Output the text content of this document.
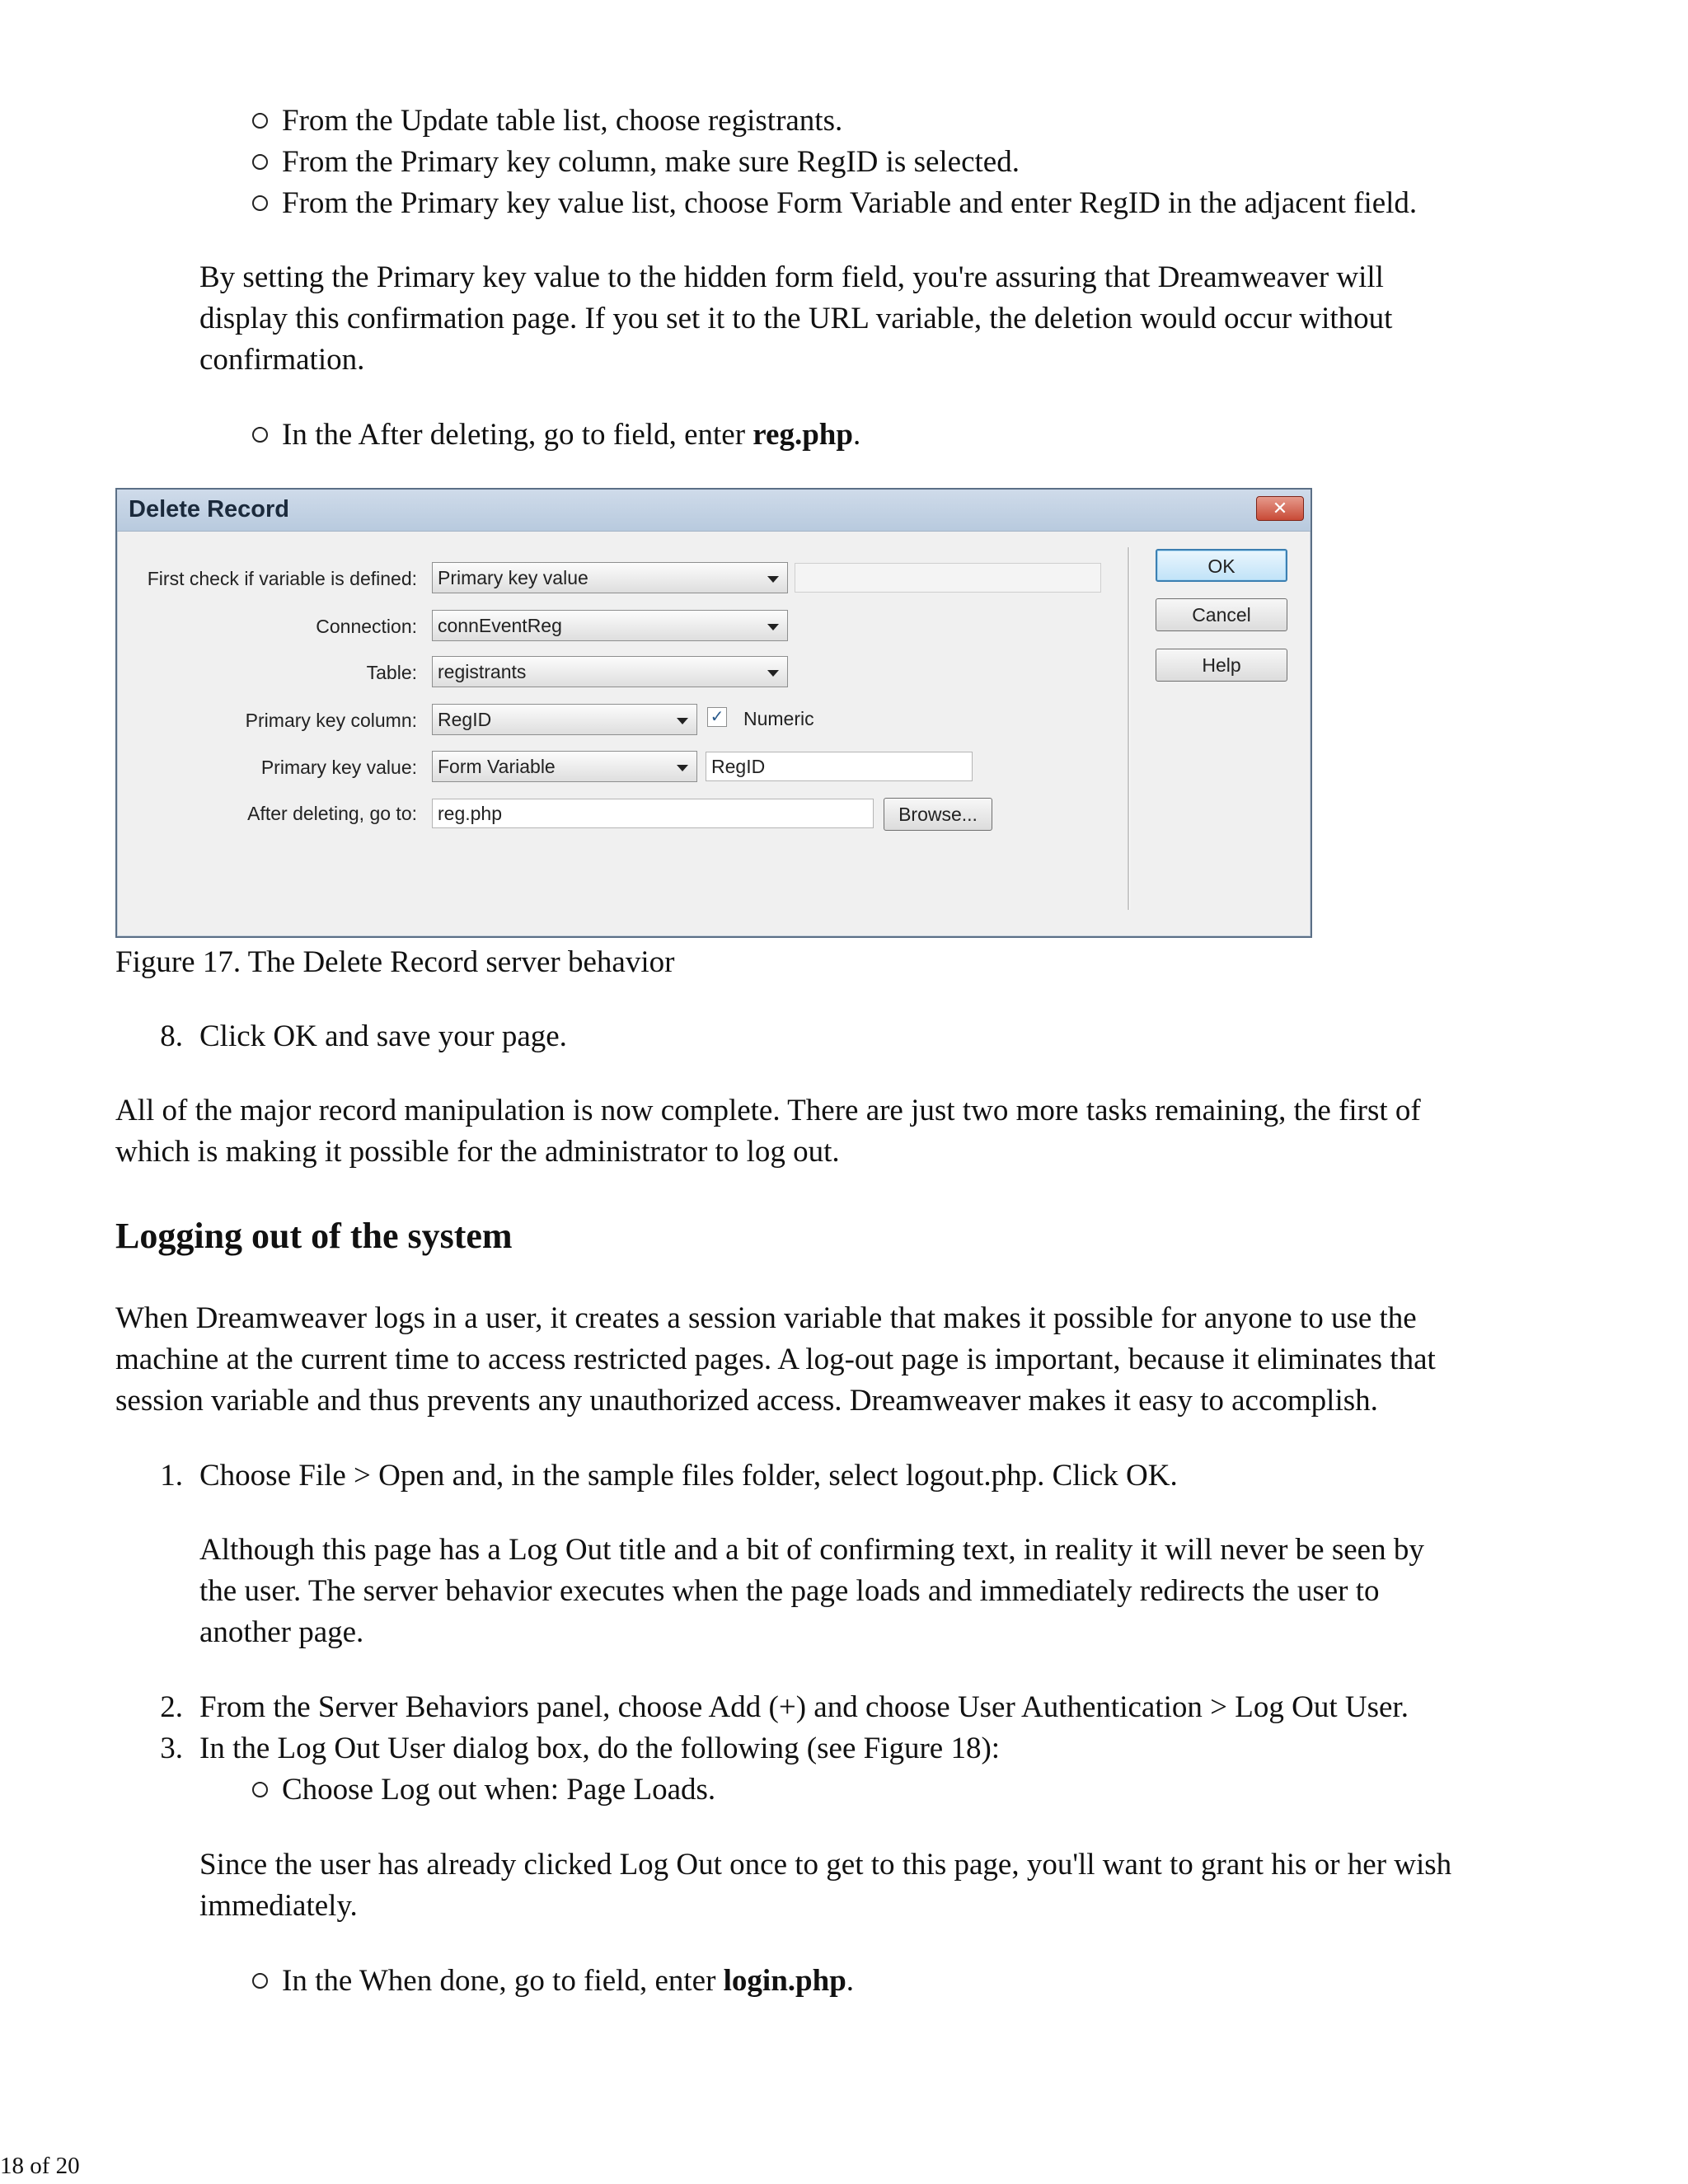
From the Update table list, choose registrants.
From the Primary key column, make sure RegID is selected.
From the Primary key value list, choose Form Variable and enter RegID in the adjacent field.
By setting the Primary key value to the hidden form field, you're assuring that Dreamweaver will
display this confirmation page. If you set it to the URL variable, the deletion would occur without
confirmation.
In the After deleting, go to field, enter reg.php.
Delete Record	✕
First check if variable is defined:	Primary key value
Connection:	connEventReg
Table:	registrants
Primary key column:	RegID	✓ Numeric
Primary key value:	Form Variable	RegID
After deleting, go to:	reg.php	Browse...
OK
Cancel
Help
Figure 17. The Delete Record server behavior
8. Click OK and save your page.
All of the major record manipulation is now complete. There are just two more tasks remaining, the first of
which is making it possible for the administrator to log out.
Logging out of the system
When Dreamweaver logs in a user, it creates a session variable that makes it possible for anyone to use the
machine at the current time to access restricted pages. A log-out page is important, because it eliminates that
session variable and thus prevents any unauthorized access. Dreamweaver makes it easy to accomplish.
1. Choose File > Open and, in the sample files folder, select logout.php. Click OK.
Although this page has a Log Out title and a bit of confirming text, in reality it will never be seen by
the user. The server behavior executes when the page loads and immediately redirects the user to
another page.
2. From the Server Behaviors panel, choose Add (+) and choose User Authentication > Log Out User.
3. In the Log Out User dialog box, do the following (see Figure 18):
Choose Log out when: Page Loads.
Since the user has already clicked Log Out once to get to this page, you'll want to grant his or her wish
immediately.
In the When done, go to field, enter login.php.
18 of 20
